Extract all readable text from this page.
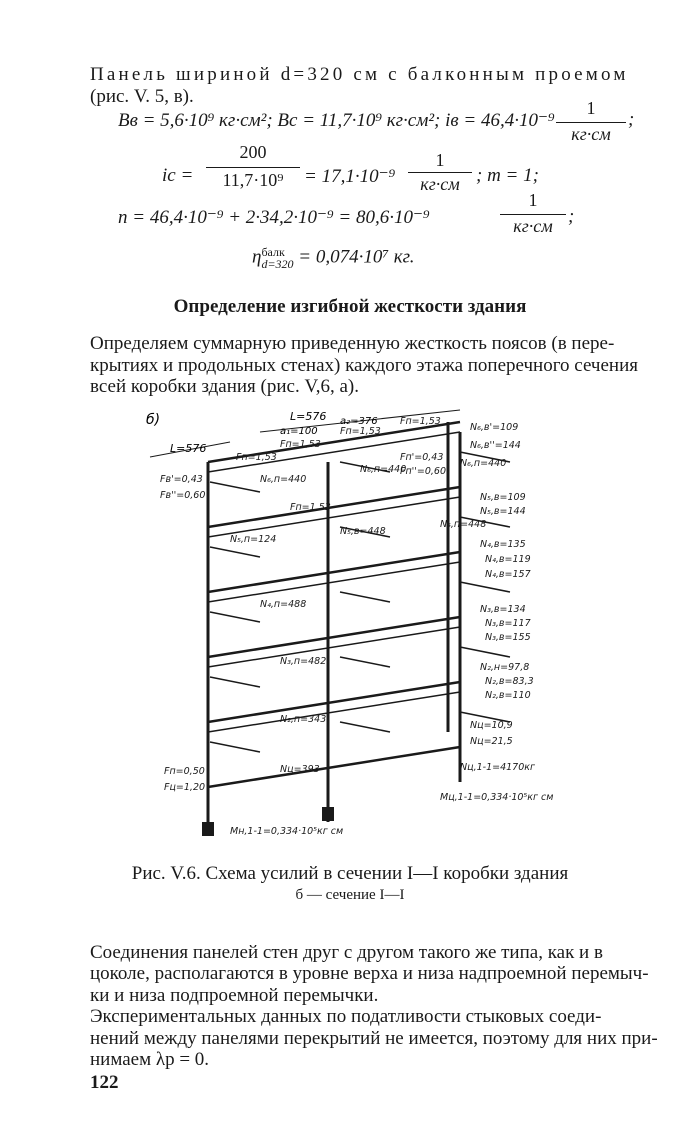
Панель шириной d=320 см с балконным проемом
(рис. V. 5, в).
Bв = 5,6·10⁹ кг·см²; Bс = 11,7·10⁹ кг·см²; iв = 46,4·10⁻⁹
1
кг·см
;
iс =
200
11,7·10⁹	= 17,1·10⁻⁹
1
кг·см ; m = 1;
n = 46,4·10⁻⁹ + 2·34,2·10⁻⁹ = 80,6·10⁻⁹
1
кг·см ;
η балк
d=320 = 0,074·10⁷ кг.
Определение изгибной жесткости здания
Определяем суммарную приведенную жесткость поясов (в пере-
крытиях и продольных стенах) каждого этажа поперечного сечения
всей коробки здания (рис. V,6, а).
б)
L=576
L=576
a₁=100
a₂=376
Fп=1,53
Fп=1,53
Fп=1,53
Fп=1,53
Fп=1,53
Fв'=0,43
Fв''=0,60
Fп'=0,43
Fп''=0,60
N₆,п=440
N₆,п=440
N₆,п=440
N₆,в'=109
N₆,в''=144
N₅,п=124
N₅,в=448
N₅,в=109
N₅,в=144
N₅,п=448
N₄,п=488
N₄,в=135
N₄,в=119
N₄,в=157
N₃,п=482
N₃,в=134
N₃,в=117
N₃,в=155
N₂,п=343
N₂,н=97,8
N₂,в=83,3
N₂,в=110
Nц=393
Nц=10,9
Nц=21,5
Fп=0,50
Fц=1,20
Nц,1-1=4170кг
Mц,1-1=0,334·10⁵кг см
Mн,1-1=0,334·10⁵кг см
Рис. V.6. Схема усилий в сечении I—I коробки здания
б — сечение I—I
Соединения панелей стен друг с другом такого же типа, как и в
цоколе, располагаются в уровне верха и низа надпроемной перемыч-
ки и низа подпроемной перемычки.
Экспериментальных данных по податливости стыковых соеди-
нений между панелями перекрытий не имеется, поэтому для них при-
нимаем λр = 0.
122
